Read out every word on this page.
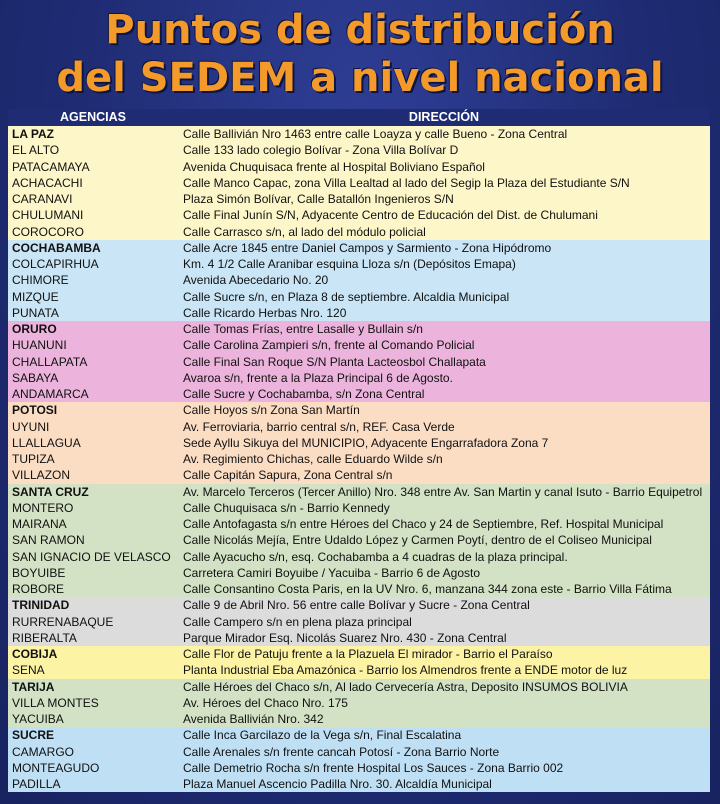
Puntos de distribución
del SEDEM a nivel nacional
AGENCIAS	DIRECCIÓN
LA PAZ	Calle Ballivián Nro 1463 entre calle Loayza y calle Bueno - Zona Central
EL ALTO	Calle 133 lado colegio Bolívar - Zona Villa Bolívar D
PATACAMAYA	Avenida Chuquisaca frente al Hospital Boliviano Español
ACHACACHI	Calle Manco Capac, zona Villa Lealtad al lado del Segip la Plaza del Estudiante S/N
CARANAVI	Plaza Simón Bolívar, Calle Batallón Ingenieros S/N
CHULUMANI	Calle Final Junín S/N, Adyacente Centro de Educación del Dist. de Chulumani
COROCORO	Calle Carrasco s/n, al lado del módulo policial
COCHABAMBA	Calle Acre 1845 entre Daniel Campos y Sarmiento - Zona Hipódromo
COLCAPIRHUA	Km. 4 1/2 Calle Aranibar esquina Lloza s/n (Depósitos Emapa)
CHIMORE	Avenida Abecedario No. 20
MIZQUE	Calle Sucre s/n, en Plaza 8 de septiembre. Alcaldia Municipal
PUNATA	Calle Ricardo Herbas Nro. 120
ORURO	Calle Tomas Frías, entre Lasalle y Bullain s/n
HUANUNI	Calle Carolina Zampieri s/n, frente al Comando Policial
CHALLAPATA	Calle Final San Roque S/N Planta Lacteosbol Challapata
SABAYA	Avaroa s/n, frente a la Plaza Principal 6 de Agosto.
ANDAMARCA	Calle Sucre y Cochabamba, s/n Zona Central
POTOSI	Calle Hoyos s/n Zona San Martín
UYUNI	Av. Ferroviaria, barrio central s/n, REF. Casa Verde
LLALLAGUA	Sede Ayllu Sikuya del MUNICIPIO, Adyacente Engarrafadora Zona 7
TUPIZA	Av. Regimiento Chichas, calle Eduardo Wilde s/n
VILLAZON	Calle Capitán Sapura, Zona Central s/n
SANTA CRUZ	Av. Marcelo Terceros (Tercer Anillo) Nro. 348 entre Av. San Martin y canal Isuto - Barrio Equipetrol
MONTERO	Calle Chuquisaca s/n - Barrio Kennedy
MAIRANA	Calle Antofagasta s/n entre Héroes del Chaco y 24 de Septiembre, Ref. Hospital Municipal
SAN RAMON	Calle Nicolás Mejía, Entre Udaldo López y Carmen Poytí, dentro de el Coliseo Municipal
SAN IGNACIO DE VELASCO	Calle Ayacucho s/n, esq. Cochabamba a 4 cuadras de la plaza principal.
BOYUIBE	Carretera Camiri Boyuibe / Yacuiba - Barrio 6 de Agosto
ROBORE	Calle Consantino Costa Paris, en la UV Nro. 6, manzana 344 zona este - Barrio Villa Fátima
TRINIDAD	Calle 9 de Abril Nro. 56 entre calle Bolívar y Sucre - Zona Central
RURRENABAQUE	Calle Campero s/n en plena plaza principal
RIBERALTA	Parque Mirador Esq. Nicolás Suarez Nro. 430 - Zona Central
COBIJA	Calle Flor de Patuju frente a la Plazuela El mirador - Barrio el Paraíso
SENA	Planta Industrial Eba Amazónica - Barrio los Almendros frente a ENDE motor de luz
TARIJA	Calle Héroes del Chaco s/n, Al lado Cervecería Astra, Deposito INSUMOS BOLIVIA
VILLA MONTES	Av. Héroes del Chaco Nro. 175
YACUIBA	Avenida Ballivián Nro. 342
SUCRE	Calle Inca Garcilazo de la Vega s/n, Final Escalatina
CAMARGO	Calle Arenales s/n frente cancah Potosí - Zona Barrio Norte
MONTEAGUDO	Calle Demetrio Rocha s/n frente Hospital Los Sauces - Zona Barrio 002
PADILLA	Plaza Manuel Ascencio Padilla Nro. 30. Alcaldía Municipal
